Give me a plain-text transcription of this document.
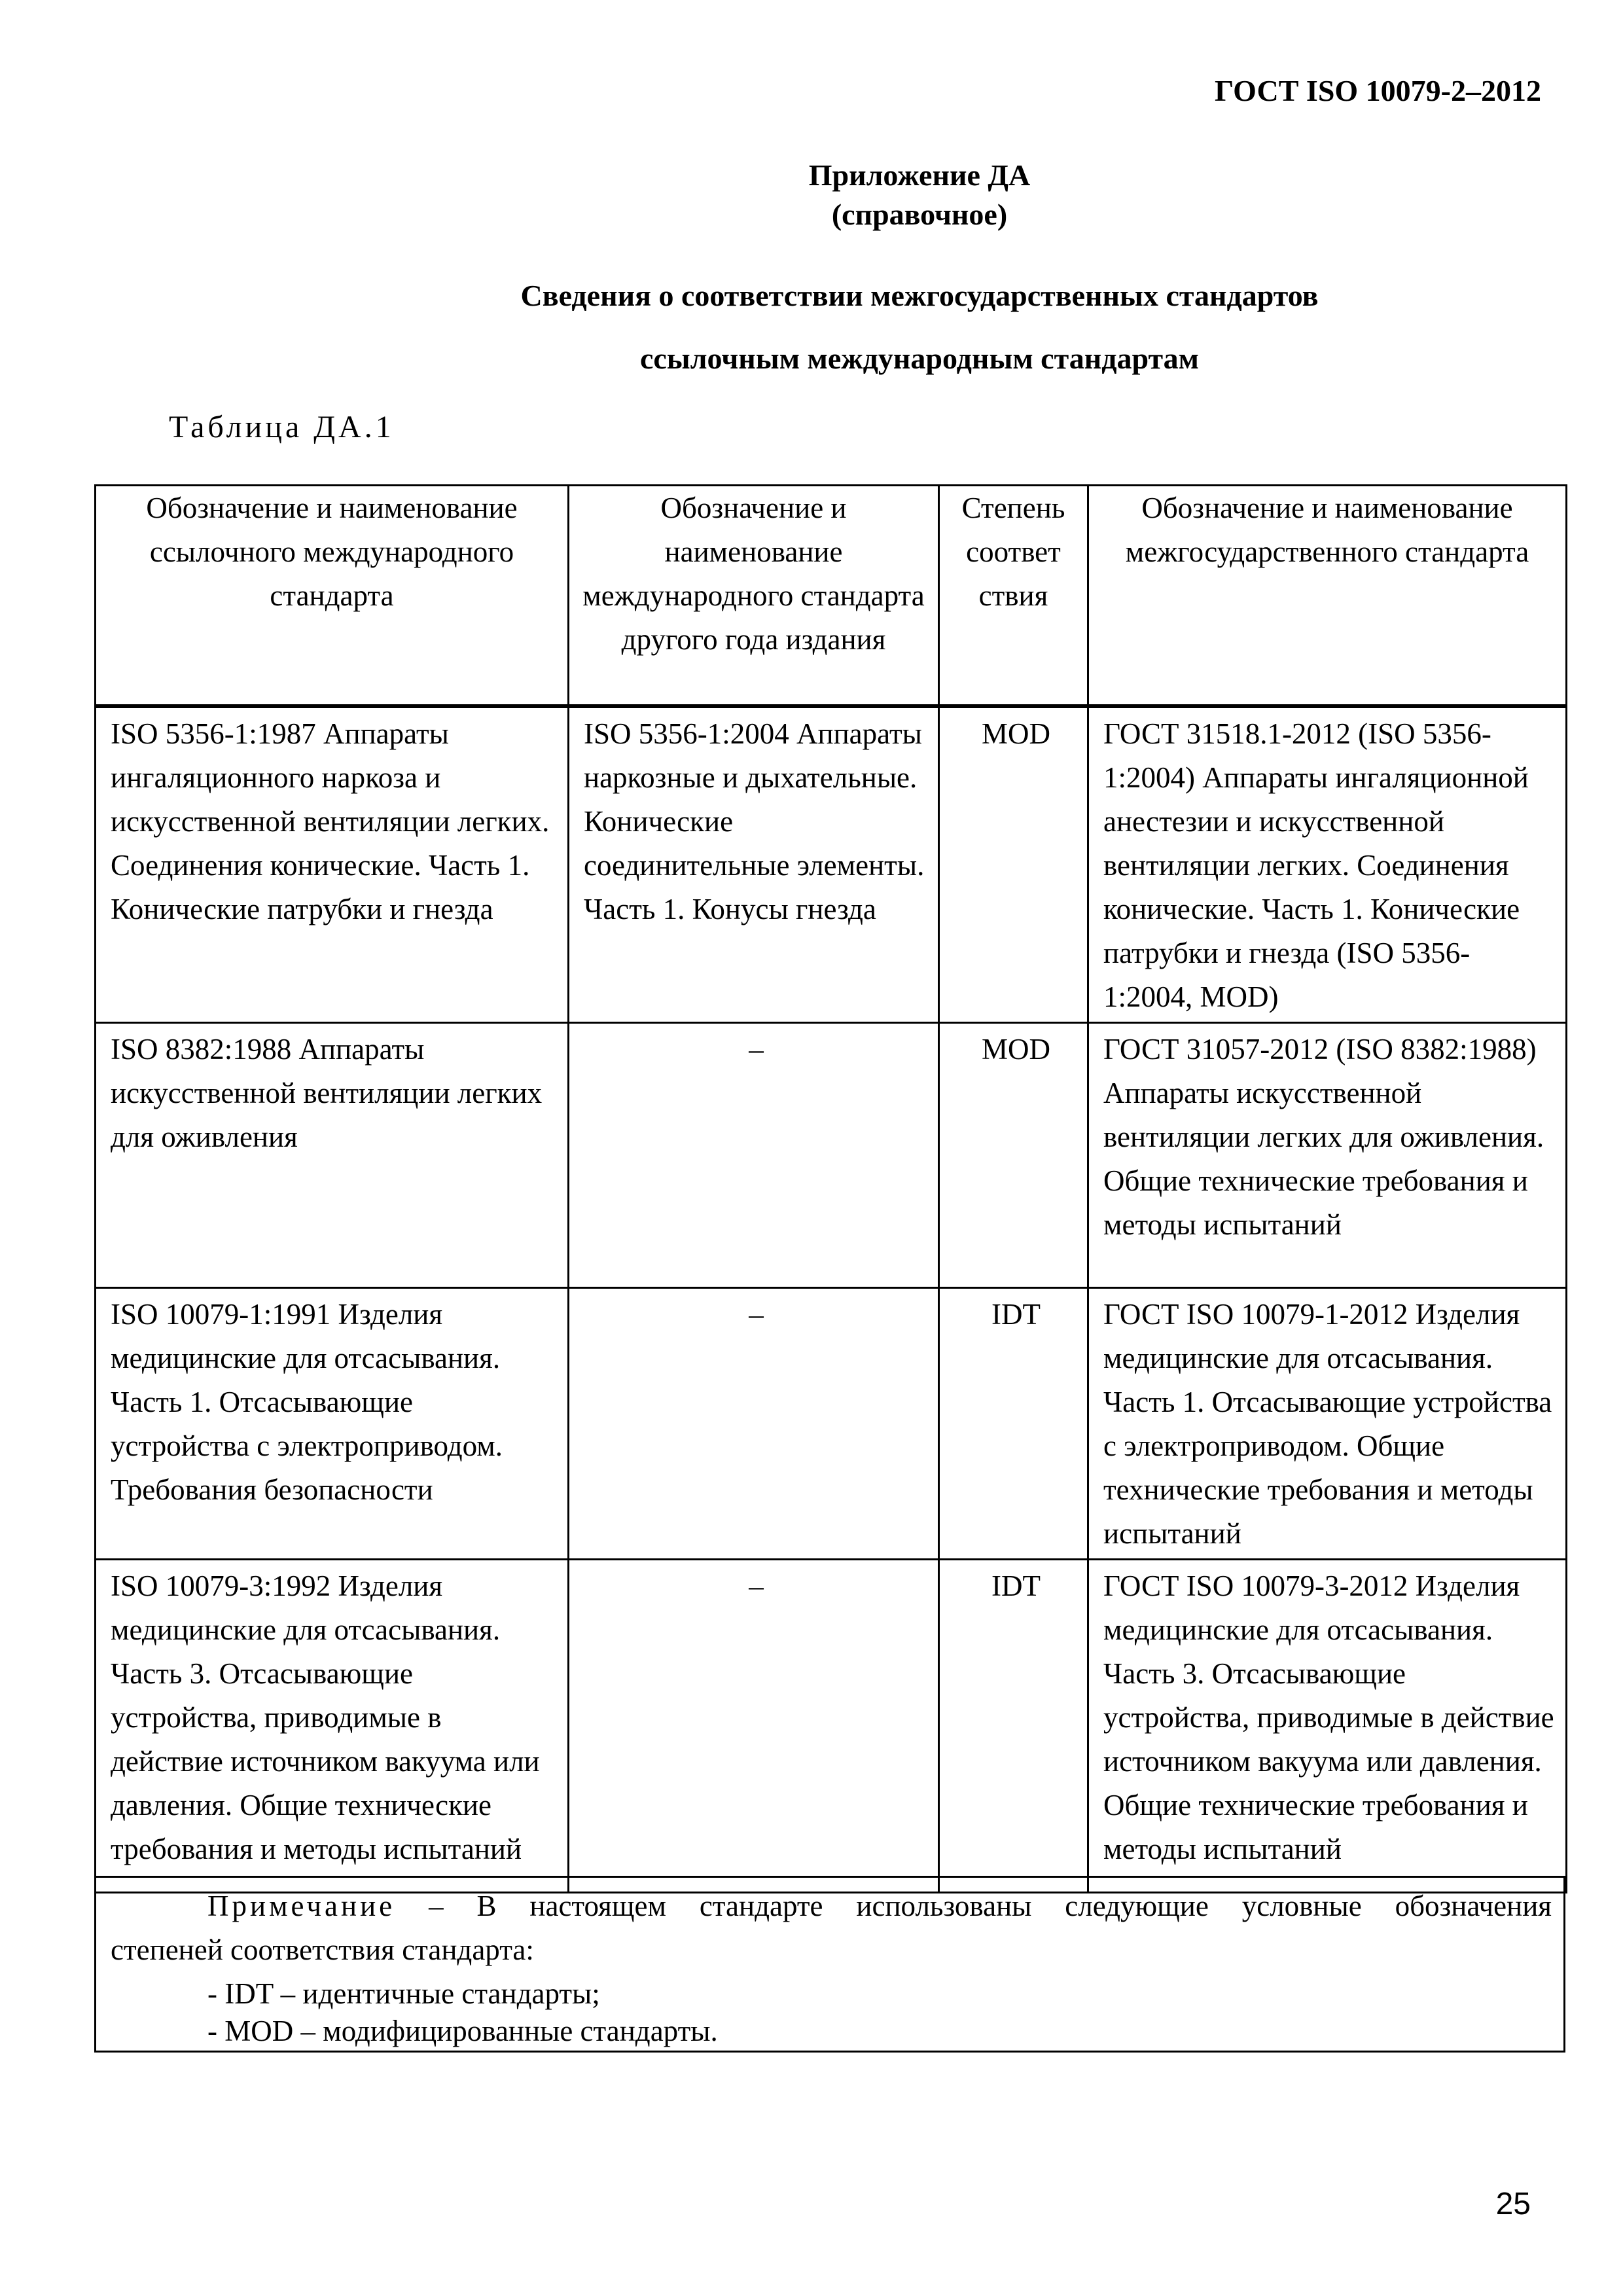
ГОСТ ISO 10079-2–2012
Приложение ДА
(справочное)
Сведения о соответствии межгосударственных стандартов
ссылочным международным стандартам
Таблица ДА.1
Обозначение и наименование ссылочного международного стандарта	Обозначение и наименование международного стандарта другого года издания	Степень соответ ствия	Обозначение и наименование межгосударственного стандарта
ISO 5356-1:1987 Аппараты ингаляционного наркоза и искусственной вентиляции легких. Соединения конические. Часть 1. Конические патрубки и гнезда	ISO 5356-1:2004 Аппараты наркозные и дыхательные. Конические соединительные элементы. Часть 1. Конусы гнезда	MOD	ГОСТ 31518.1-2012 (ISO 5356-1:2004) Аппараты ингаляционной анестезии и искусственной вентиляции легких. Соединения конические. Часть 1. Конические патрубки и гнезда (ISO 5356-1:2004, MOD)
ISO 8382:1988 Аппараты искусственной вентиляции легких для оживления	–	MOD	ГОСТ 31057-2012 (ISO 8382:1988) Аппараты искусственной вентиляции легких для оживления. Общие технические требования и методы испытаний
ISO 10079-1:1991 Изделия медицинские для отсасывания. Часть 1. Отсасывающие устройства с электроприводом. Требования безопасности	–	IDT	ГОСТ ISO 10079-1-2012 Изделия медицинские для отсасывания. Часть 1. Отсасывающие устройства с электроприводом. Общие технические требования и методы испытаний
ISO 10079-3:1992 Изделия медицинские для отсасывания. Часть 3. Отсасывающие устройства, приводимые в действие источником вакуума или давления. Общие технические требования и методы испытаний	–	IDT	ГОСТ ISO 10079-3-2012 Изделия медицинские для отсасывания. Часть 3. Отсасывающие устройства, приводимые в действие источником вакуума или давления. Общие технические требования и методы испытаний
Примечание – В настоящем стандарте использованы следующие условные обозначения
степеней соответствия стандарта:
- IDT – идентичные стандарты;
- MOD – модифицированные стандарты.
25
